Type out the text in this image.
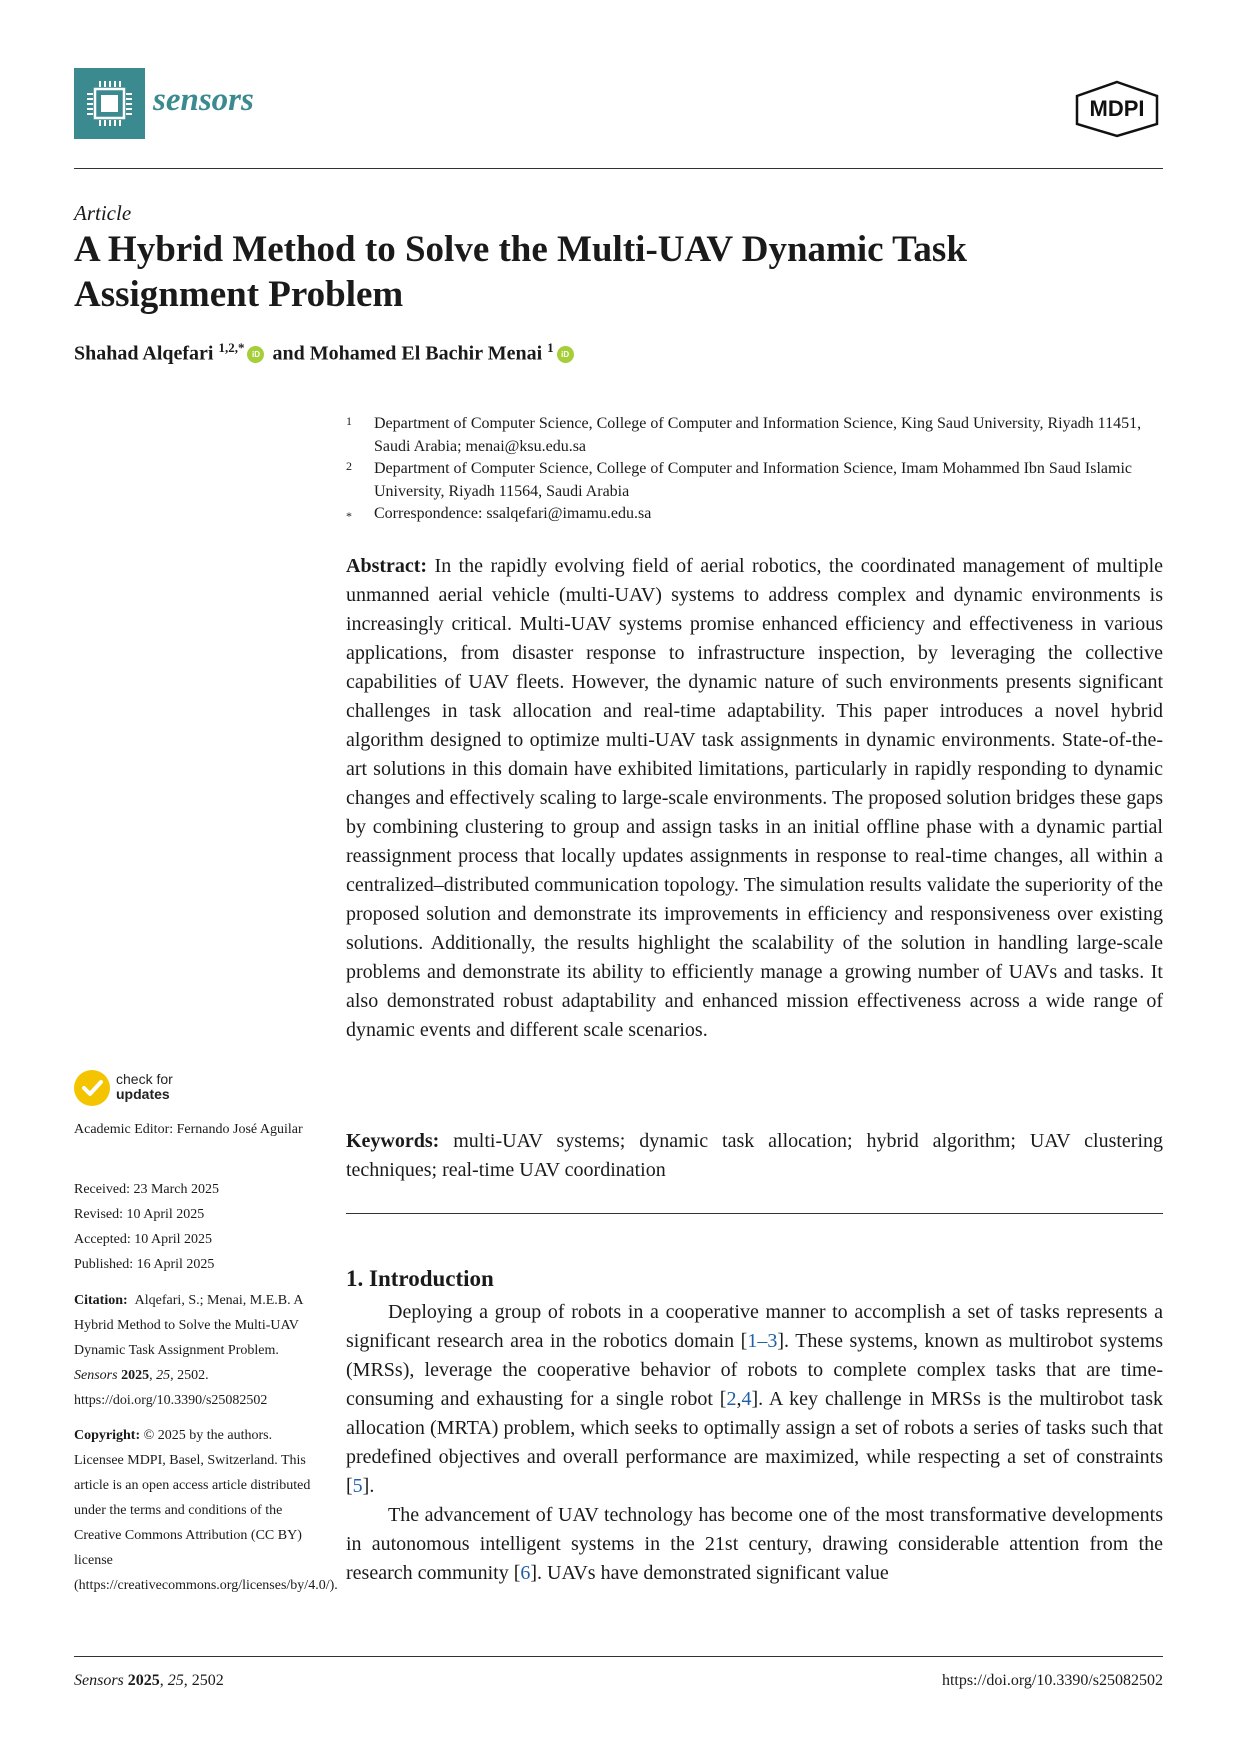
sensors	MDPI
Article
A Hybrid Method to Solve the Multi-UAV Dynamic Task Assignment Problem
Shahad Alqefari $^{1,2,*}$ iD and Mohamed El Bachir Menai $^1$ iD
1 Department of Computer Science, College of Computer and Information Science, King Saud University, Riyadh 11451, Saudi Arabia; menai@ksu.edu.sa
2 Department of Computer Science, College of Computer and Information Science, Imam Mohammed Ibn Saud Islamic University, Riyadh 11564, Saudi Arabia
* Correspondence: ssalqefari@imamu.edu.sa

Abstract: In the rapidly evolving field of aerial robotics, the coordinated management of multiple unmanned aerial vehicle (multi-UAV) systems to address complex and dynamic environments is increasingly critical. Multi-UAV systems promise enhanced efficiency and effectiveness in various applications, from disaster response to infrastructure inspection, by leveraging the collective capabilities of UAV fleets. However, the dynamic nature of such environments presents significant challenges in task allocation and real-time adaptability. This paper introduces a novel hybrid algorithm designed to optimize multi-UAV task assignments in dynamic environments. State-of-the-art solutions in this domain have exhibited limitations, particularly in rapidly responding to dynamic changes and effectively scaling to large-scale environments. The proposed solution bridges these gaps by combining clustering to group and assign tasks in an initial offline phase with a dynamic partial reassignment process that locally updates assignments in response to real-time changes, all within a centralized–distributed communication topology. The simulation results validate the superiority of the proposed solution and demonstrate its improvements in efficiency and responsiveness over existing solutions. Additionally, the results highlight the scalability of the solution in handling large-scale problems and demonstrate its ability to efficiently manage a growing number of UAVs and tasks. It also demonstrated robust adaptability and enhanced mission effectiveness across a wide range of dynamic events and different scale scenarios.

Keywords: multi-UAV systems; dynamic task allocation; hybrid algorithm; UAV clustering techniques; real-time UAV coordination

1. Introduction

Deploying a group of robots in a cooperative manner to accomplish a set of tasks represents a significant research area in the robotics domain [1–3]. These systems, known as multirobot systems (MRSs), leverage the cooperative behavior of robots to complete complex tasks that are time-consuming and exhausting for a single robot [2,4]. A key challenge in MRSs is the multirobot task allocation (MRTA) problem, which seeks to optimally assign a set of robots a series of tasks such that predefined objectives and overall performance are maximized, while respecting a set of constraints [5].

The advancement of UAV technology has become one of the most transformative developments in autonomous intelligent systems in the 21st century, drawing considerable attention from the research community [6]. UAVs have demonstrated significant value

check for
updates
Academic Editor: Fernando José Aguilar
Received: 23 March 2025
Revised: 10 April 2025
Accepted: 10 April 2025
Published: 16 April 2025
Citation: Alqefari, S.; Menai, M.E.B. A Hybrid Method to Solve the Multi-UAV Dynamic Task Assignment Problem. Sensors 2025, 25, 2502. https://doi.org/10.3390/s25082502
Copyright: © 2025 by the authors. Licensee MDPI, Basel, Switzerland. This article is an open access article distributed under the terms and conditions of the Creative Commons Attribution (CC BY) license (https://creativecommons.org/licenses/by/4.0/).
Sensors 2025, 25, 2502	https://doi.org/10.3390/s25082502
